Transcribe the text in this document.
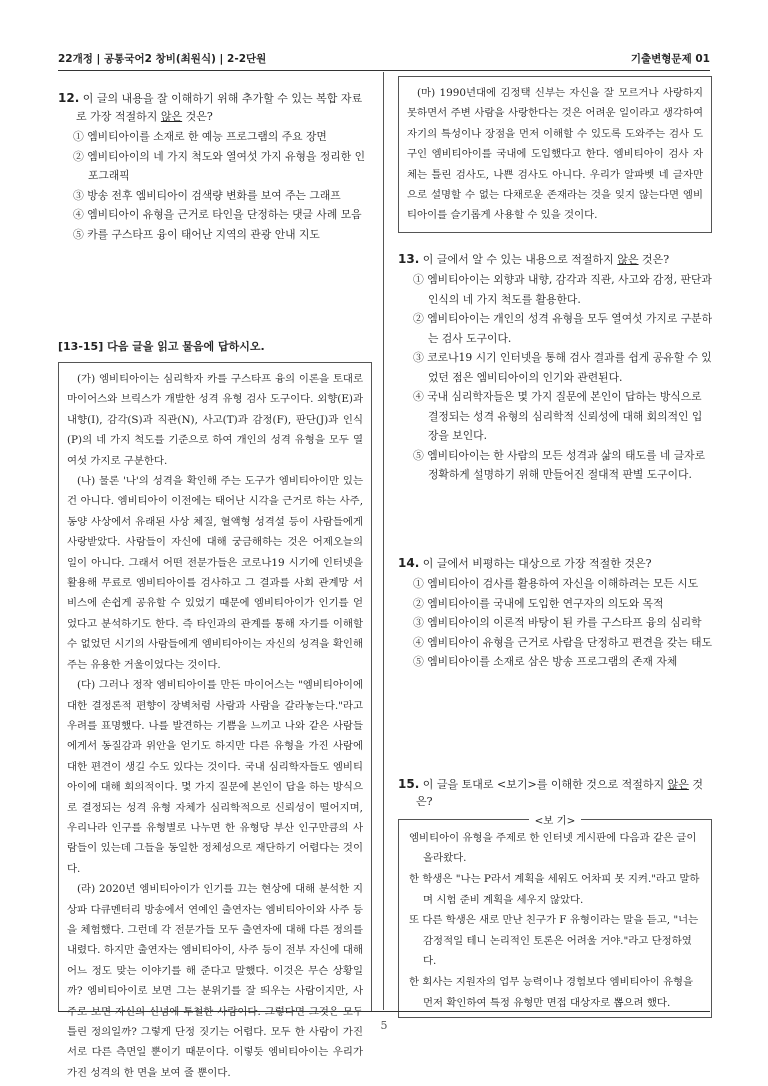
22개정 | 공통국어2 창비(최원식) | 2-2단원	기출변형문제 01
12. 이 글의 내용을 잘 이해하기 위해 추가할 수 있는 복합 자료로 가장 적절하지 않은 것은?
① 엠비티아이를 소재로 한 예능 프로그램의 주요 장면
② 엠비티아이의 네 가지 척도와 열여섯 가지 유형을 정리한 인포그래픽
③ 방송 전후 엠비티아이 검색량 변화를 보여 주는 그래프
④ 엠비티아이 유형을 근거로 타인을 단정하는 댓글 사례 모음
⑤ 카를 구스타프 융이 태어난 지역의 관광 안내 지도
[13-15] 다음 글을 읽고 물음에 답하시오.

(가) 엠비티아이는 심리학자 카를 구스타프 융의 이론을 토대로 마이어스와 브릭스가 개발한 성격 유형 검사 도구이다. 외향(E)과 내향(I), 감각(S)과 직관(N), 사고(T)과 감정(F), 판단(J)과 인식(P)의 네 가지 척도를 기준으로 하여 개인의 성격 유형을 모두 열여섯 가지로 구분한다.

(나) 물론 '나'의 성격을 확인해 주는 도구가 엠비티아이만 있는 건 아니다. 엠비티아이 이전에는 태어난 시각을 근거로 하는 사주, 동양 사상에서 유래된 사상 체질, 혈액형 성격설 등이 사람들에게 사랑받았다. 사람들이 자신에 대해 궁금해하는 것은 어제오늘의 일이 아니다. 그래서 어떤 전문가들은 코로나19 시기에 인터넷을 활용해 무료로 엠비티아이를 검사하고 그 결과를 사회 관계망 서비스에 손쉽게 공유할 수 있었기 때문에 엠비티아이가 인기를 얻었다고 분석하기도 한다. 즉 타인과의 관계를 통해 자기를 이해할 수 없었던 시기의 사람들에게 엠비티아이는 자신의 성격을 확인해 주는 유용한 거울이었다는 것이다.

(다) 그러나 정작 엠비티아이를 만든 마이어스는 "엠비티아이에 대한 결정론적 편향이 장벽처럼 사람과 사람을 갈라놓는다."라고 우려를 표명했다. 나를 발견하는 기쁨을 느끼고 나와 같은 사람들에게서 동질감과 위안을 얻기도 하지만 다른 유형을 가진 사람에 대한 편견이 생길 수도 있다는 것이다. 국내 심리학자들도 엠비티아이에 대해 회의적이다. 몇 가지 질문에 본인이 답을 하는 방식으로 결정되는 성격 유형 자체가 심리학적으로 신뢰성이 떨어지며, 우리나라 인구를 유형별로 나누면 한 유형당 부산 인구만큼의 사람들이 있는데 그들을 동일한 정체성으로 재단하기 어렵다는 것이다.

(라) 2020년 엠비티아이가 인기를 끄는 현상에 대해 분석한 지상파 다큐멘터리 방송에서 연예인 출연자는 엠비티아이와 사주 등을 체험했다. 그런데 각 전문가들 모두 출연자에 대해 다른 정의를 내렸다. 하지만 출연자는 엠비티아이, 사주 등이 전부 자신에 대해 어느 정도 맞는 이야기를 해 준다고 말했다. 이것은 무슨 상황일까? 엠비티아이로 보면 그는 분위기를 잘 띄우는 사람이지만, 사주로 보면 자신의 신념에 투철한 사람이다. 그렇다면 그것은 모두 틀린 정의일까? 그렇게 단정 짓기는 어렵다. 모두 한 사람이 가진 서로 다른 측면일 뿐이기 때문이다. 이렇듯 엠비티아이는 우리가 가진 성격의 한 면을 보여 줄 뿐이다.

(마) 1990년대에 김정택 신부는 자신을 잘 모르거나 사랑하지 못하면서 주변 사람을 사랑한다는 것은 어려운 일이라고 생각하여 자기의 특성이나 장점을 먼저 이해할 수 있도록 도와주는 검사 도구인 엠비티아이를 국내에 도입했다고 한다. 엠비티아이 검사 자체는 틀린 검사도, 나쁜 검사도 아니다. 우리가 알파벳 네 글자만으로 설명할 수 없는 다채로운 존재라는 것을 잊지 않는다면 엠비티아이를 슬기롭게 사용할 수 있을 것이다.

13. 이 글에서 알 수 있는 내용으로 적절하지 않은 것은?
① 엠비티아이는 외향과 내향, 감각과 직관, 사고와 감정, 판단과 인식의 네 가지 척도를 활용한다.
② 엠비티아이는 개인의 성격 유형을 모두 열여섯 가지로 구분하는 검사 도구이다.
③ 코로나19 시기 인터넷을 통해 검사 결과를 쉽게 공유할 수 있었던 점은 엠비티아이의 인기와 관련된다.
④ 국내 심리학자들은 몇 가지 질문에 본인이 답하는 방식으로 결정되는 성격 유형의 심리학적 신뢰성에 대해 회의적인 입장을 보인다.
⑤ 엠비티아이는 한 사람의 모든 성격과 삶의 태도를 네 글자로 정확하게 설명하기 위해 만들어진 절대적 판별 도구이다.
14. 이 글에서 비평하는 대상으로 가장 적절한 것은?
① 엠비티아이 검사를 활용하여 자신을 이해하려는 모든 시도
② 엠비티아이를 국내에 도입한 연구자의 의도와 목적
③ 엠비티아이의 이론적 바탕이 된 카를 구스타프 융의 심리학
④ 엠비티아이 유형을 근거로 사람을 단정하고 편견을 갖는 태도
⑤ 엠비티아이를 소재로 삼은 방송 프로그램의 존재 자체
15. 이 글을 토대로 <보기>를 이해한 것으로 적절하지 않은 것은?
<보 기>
엠비티아이 유형을 주제로 한 인터넷 게시판에 다음과 같은 글이 올라왔다.
한 학생은 "나는 P라서 계획을 세워도 어차피 못 지켜."라고 말하며 시험 준비 계획을 세우지 않았다.
또 다른 학생은 새로 만난 친구가 F 유형이라는 말을 듣고, "너는 감정적일 테니 논리적인 토론은 어려울 거야."라고 단정하였다.
한 회사는 지원자의 업무 능력이나 경험보다 엠비티아이 유형을 먼저 확인하여 특정 유형만 면접 대상자로 뽑으려 했다.
5
